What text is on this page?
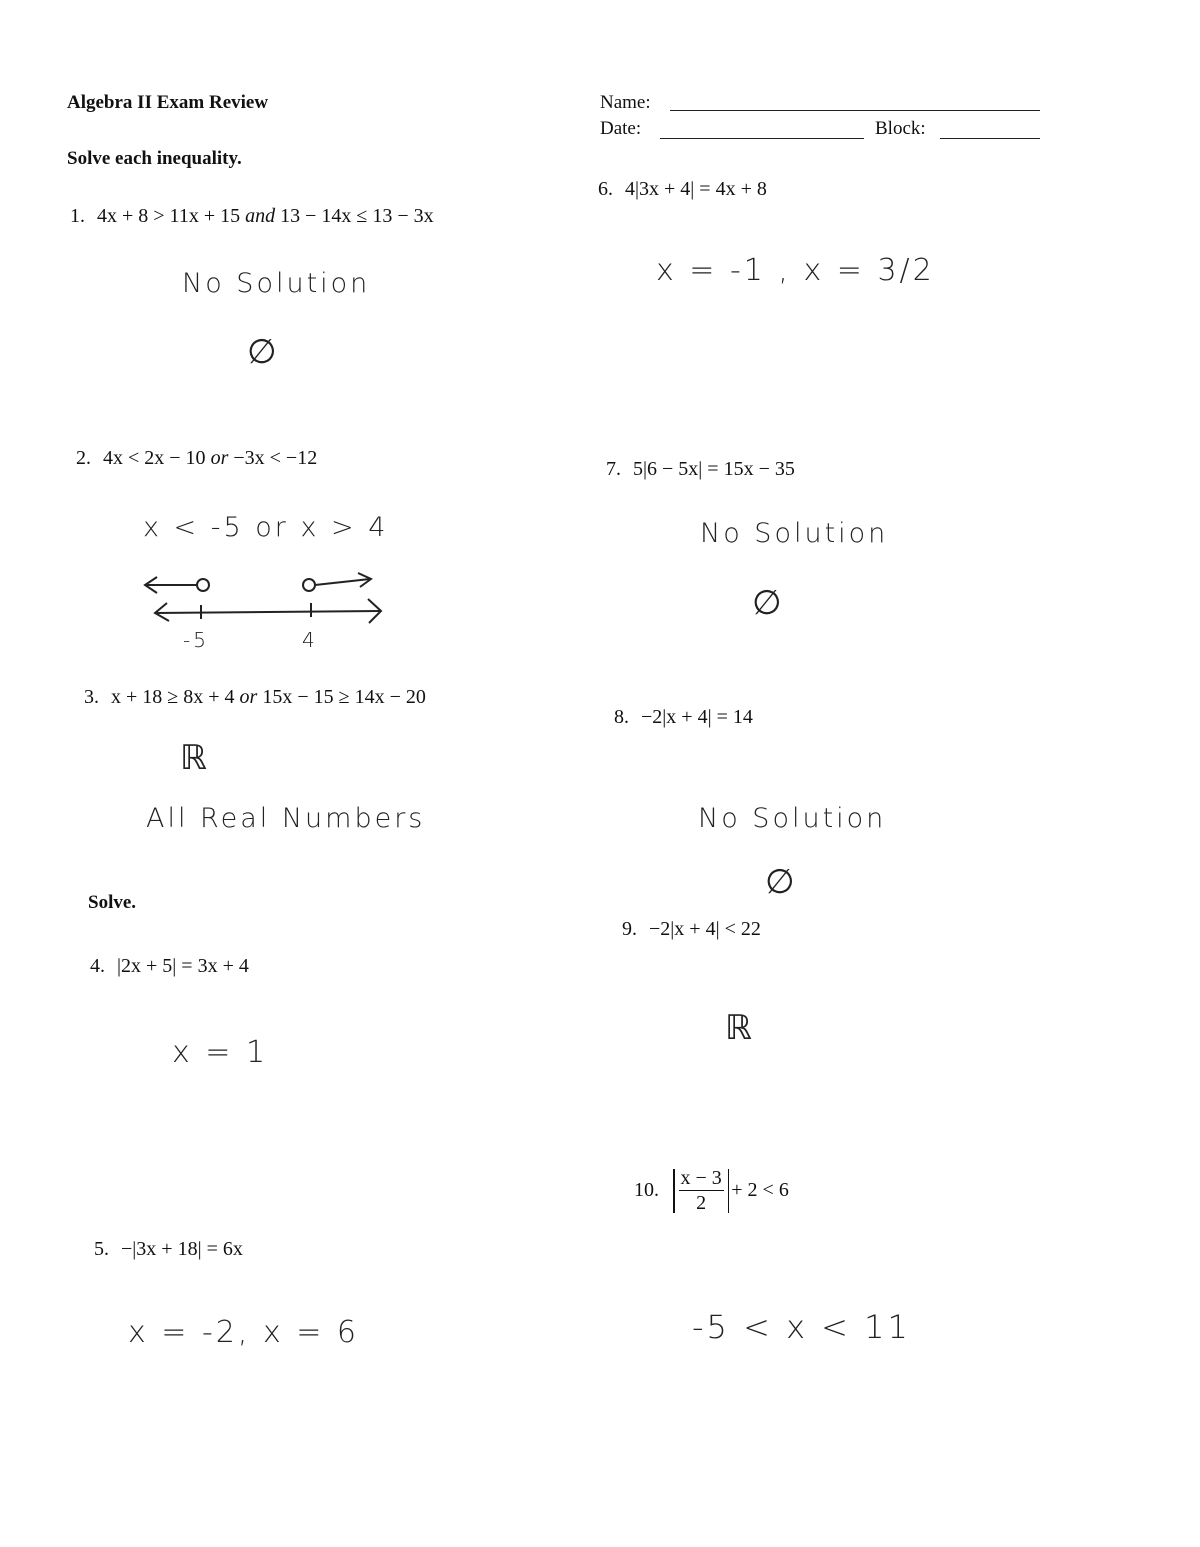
Algebra II Exam Review	Name:
Date:	Block:
Solve each inequality.
1. 4x + 8 > 11x + 15
and
13 − 14x ≤ 13 − 3x
No Solution
∅
2. 4x < 2x − 10
or
−3x < −12
x < -5 or x > 4
-5	4
3. x + 18 ≥ 8x + 4
or
15x − 15 ≥ 14x − 20
ℝ
All Real Numbers
Solve.
4. |2x + 5| = 3x + 4
x = 1
5. −|3x + 18| = 6x
x = -2, x = 6
6. 4|3x + 4| = 4x + 8
x = -1 , x = 3/2
7. 5|6 − 5x| = 15x − 35
No Solution
∅
8. −2|x + 4| = 14
No Solution
∅
9. −2|x + 4| < 22
ℝ
10. $\frac{x - 3}{2} + 2 < 6$
-5 < x < 11
